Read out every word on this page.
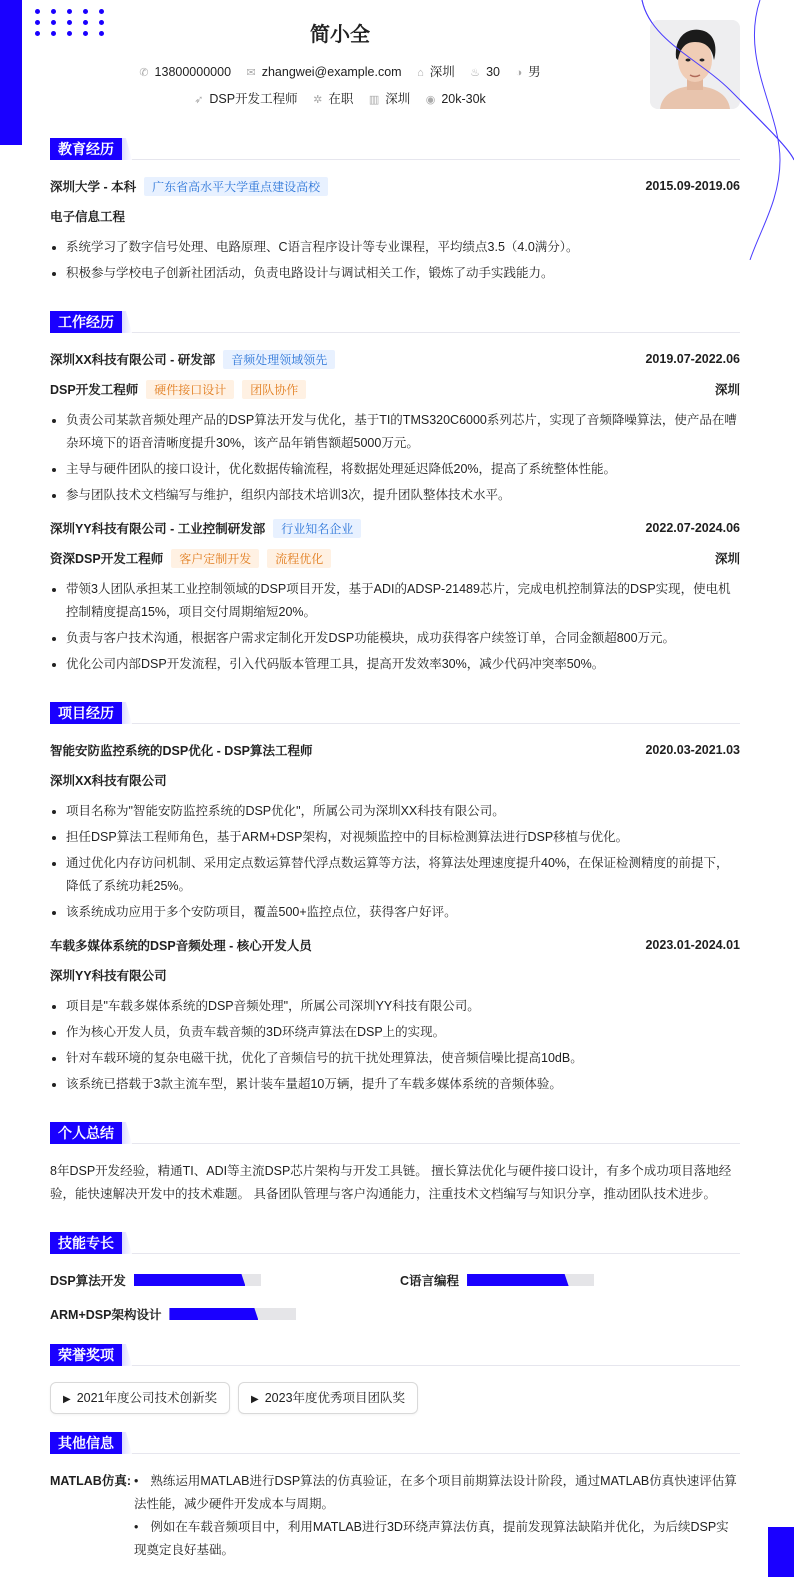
简小全
✆ 13800000000 ✉ zhangwei@example.com ⌂ 深圳 ♨ 30 ◑ 男
➶ DSP开发工程师 ✲ 在职 ▥ 深圳 ◉ 20k-30k
教育经历
深圳大学 - 本科	广东省高水平大学重点建设高校	2015.09-2019.06
电子信息工程
系统学习了数字信号处理、电路原理、C语言程序设计等专业课程，平均绩点3.5（4.0满分）。
积极参与学校电子创新社团活动，负责电路设计与调试相关工作，锻炼了动手实践能力。
工作经历
深圳XX科技有限公司 - 研发部	音频处理领域领先	2019.07-2022.06
DSP开发工程师	硬件接口设计	团队协作	深圳
负责公司某款音频处理产品的DSP算法开发与优化，基于TI的TMS320C6000系列芯片，实现了音频降噪算法，使产品在嘈杂环境下的语音清晰度提升30%，该产品年销售额超5000万元。
主导与硬件团队的接口设计，优化数据传输流程，将数据处理延迟降低20%，提高了系统整体性能。
参与团队技术文档编写与维护，组织内部技术培训3次，提升团队整体技术水平。
深圳YY科技有限公司 - 工业控制研发部	行业知名企业	2022.07-2024.06
资深DSP开发工程师	客户定制开发	流程优化	深圳
带领3人团队承担某工业控制领域的DSP项目开发，基于ADI的ADSP-21489芯片，完成电机控制算法的DSP实现，使电机控制精度提高15%，项目交付周期缩短20%。
负责与客户技术沟通，根据客户需求定制化开发DSP功能模块，成功获得客户续签订单，合同金额超800万元。
优化公司内部DSP开发流程，引入代码版本管理工具，提高开发效率30%，减少代码冲突率50%。
项目经历
智能安防监控系统的DSP优化 - DSP算法工程师	2020.03-2021.03
深圳XX科技有限公司
项目名称为"智能安防监控系统的DSP优化"，所属公司为深圳XX科技有限公司。
担任DSP算法工程师角色，基于ARM+DSP架构，对视频监控中的目标检测算法进行DSP移植与优化。
通过优化内存访问机制、采用定点数运算替代浮点数运算等方法，将算法处理速度提升40%，在保证检测精度的前提下，降低了系统功耗25%。
该系统成功应用于多个安防项目，覆盖500+监控点位，获得客户好评。
车载多媒体系统的DSP音频处理 - 核心开发人员	2023.01-2024.01
深圳YY科技有限公司
项目是"车载多媒体系统的DSP音频处理"，所属公司深圳YY科技有限公司。
作为核心开发人员，负责车载音频的3D环绕声算法在DSP上的实现。
针对车载环境的复杂电磁干扰，优化了音频信号的抗干扰处理算法，使音频信噪比提高10dB。
该系统已搭载于3款主流车型，累计装车量超10万辆，提升了车载多媒体系统的音频体验。
个人总结

8年DSP开发经验，精通TI、ADI等主流DSP芯片架构与开发工具链。 擅长算法优化与硬件接口设计，有多个成功项目落地经验，能快速解决开发中的技术难题。 具备团队管理与客户沟通能力，注重技术文档编写与知识分享，推动团队技术进步。

技能专长
DSP算法开发	C语言编程
ARM+DSP架构设计
荣誉奖项
▶ 2021年度公司技术创新奖	▶ 2023年度优秀项目团队奖
其他信息
MATLAB仿真: • 熟练运用MATLAB进行DSP算法的仿真验证，在多个项目前期算法设计阶段，通过MATLAB仿真快速评估算法性能，减少硬件开发成本与周期。
• 例如在车载音频项目中，利用MATLAB进行3D环绕声算法仿真，提前发现算法缺陷并优化，为后续DSP实现奠定良好基础。
